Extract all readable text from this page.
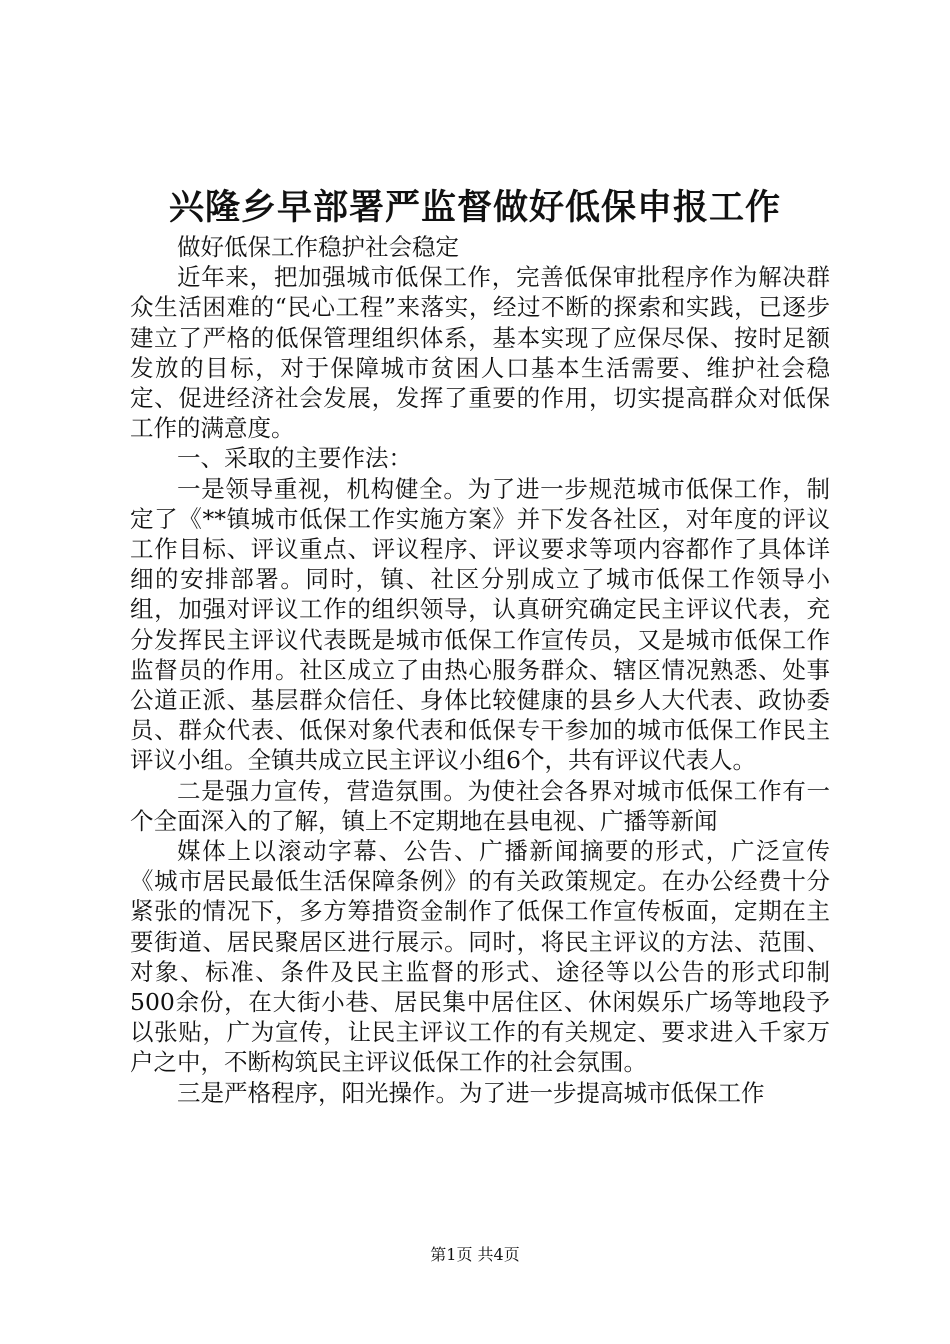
兴隆乡早部署严监督做好低保申报工作

做好低保工作稳护社会稳定

近年来，把加强城市低保工作，完善低保审批程序作为解决群众生活困难的“民心工程”来落实，经过不断的探索和实践，已逐步建立了严格的低保管理组织体系，基本实现了应保尽保、按时足额发放的目标，对于保障城市贫困人口基本生活需要、维护社会稳定、促进经济社会发展，发挥了重要的作用，切实提高群众对低保工作的满意度。

一、采取的主要作法：

一是领导重视，机构健全。为了进一步规范城市低保工作，制定了《**镇城市低保工作实施方案》并下发各社区，对年度的评议工作目标、评议重点、评议程序、评议要求等项内容都作了具体详细的安排部署。同时，镇、社区分别成立了城市低保工作领导小组，加强对评议工作的组织领导，认真研究确定民主评议代表，充分发挥民主评议代表既是城市低保工作宣传员，又是城市低保工作监督员的作用。社区成立了由热心服务群众、辖区情况熟悉、处事公道正派、基层群众信任、身体比较健康的县乡人大代表、政协委员、群众代表、低保对象代表和低保专干参加的城市低保工作民主评议小组。全镇共成立民主评议小组6个，共有评议代表人。

二是强力宣传，营造氛围。为使社会各界对城市低保工作有一个全面深入的了解，镇上不定期地在县电视、广播等新闻

媒体上以滚动字幕、公告、广播新闻摘要的形式，广泛宣传《城市居民最低生活保障条例》的有关政策规定。在办公经费十分紧张的情况下，多方筹措资金制作了低保工作宣传板面，定期在主要街道、居民聚居区进行展示。同时，将民主评议的方法、范围、对象、标准、条件及民主监督的形式、途径等以公告的形式印制500余份，在大街小巷、居民集中居住区、休闲娱乐广场等地段予以张贴，广为宣传，让民主评议工作的有关规定、要求进入千家万户之中，不断构筑民主评议低保工作的社会氛围。

三是严格程序，阳光操作。为了进一步提高城市低保工作

第1页 共4页
